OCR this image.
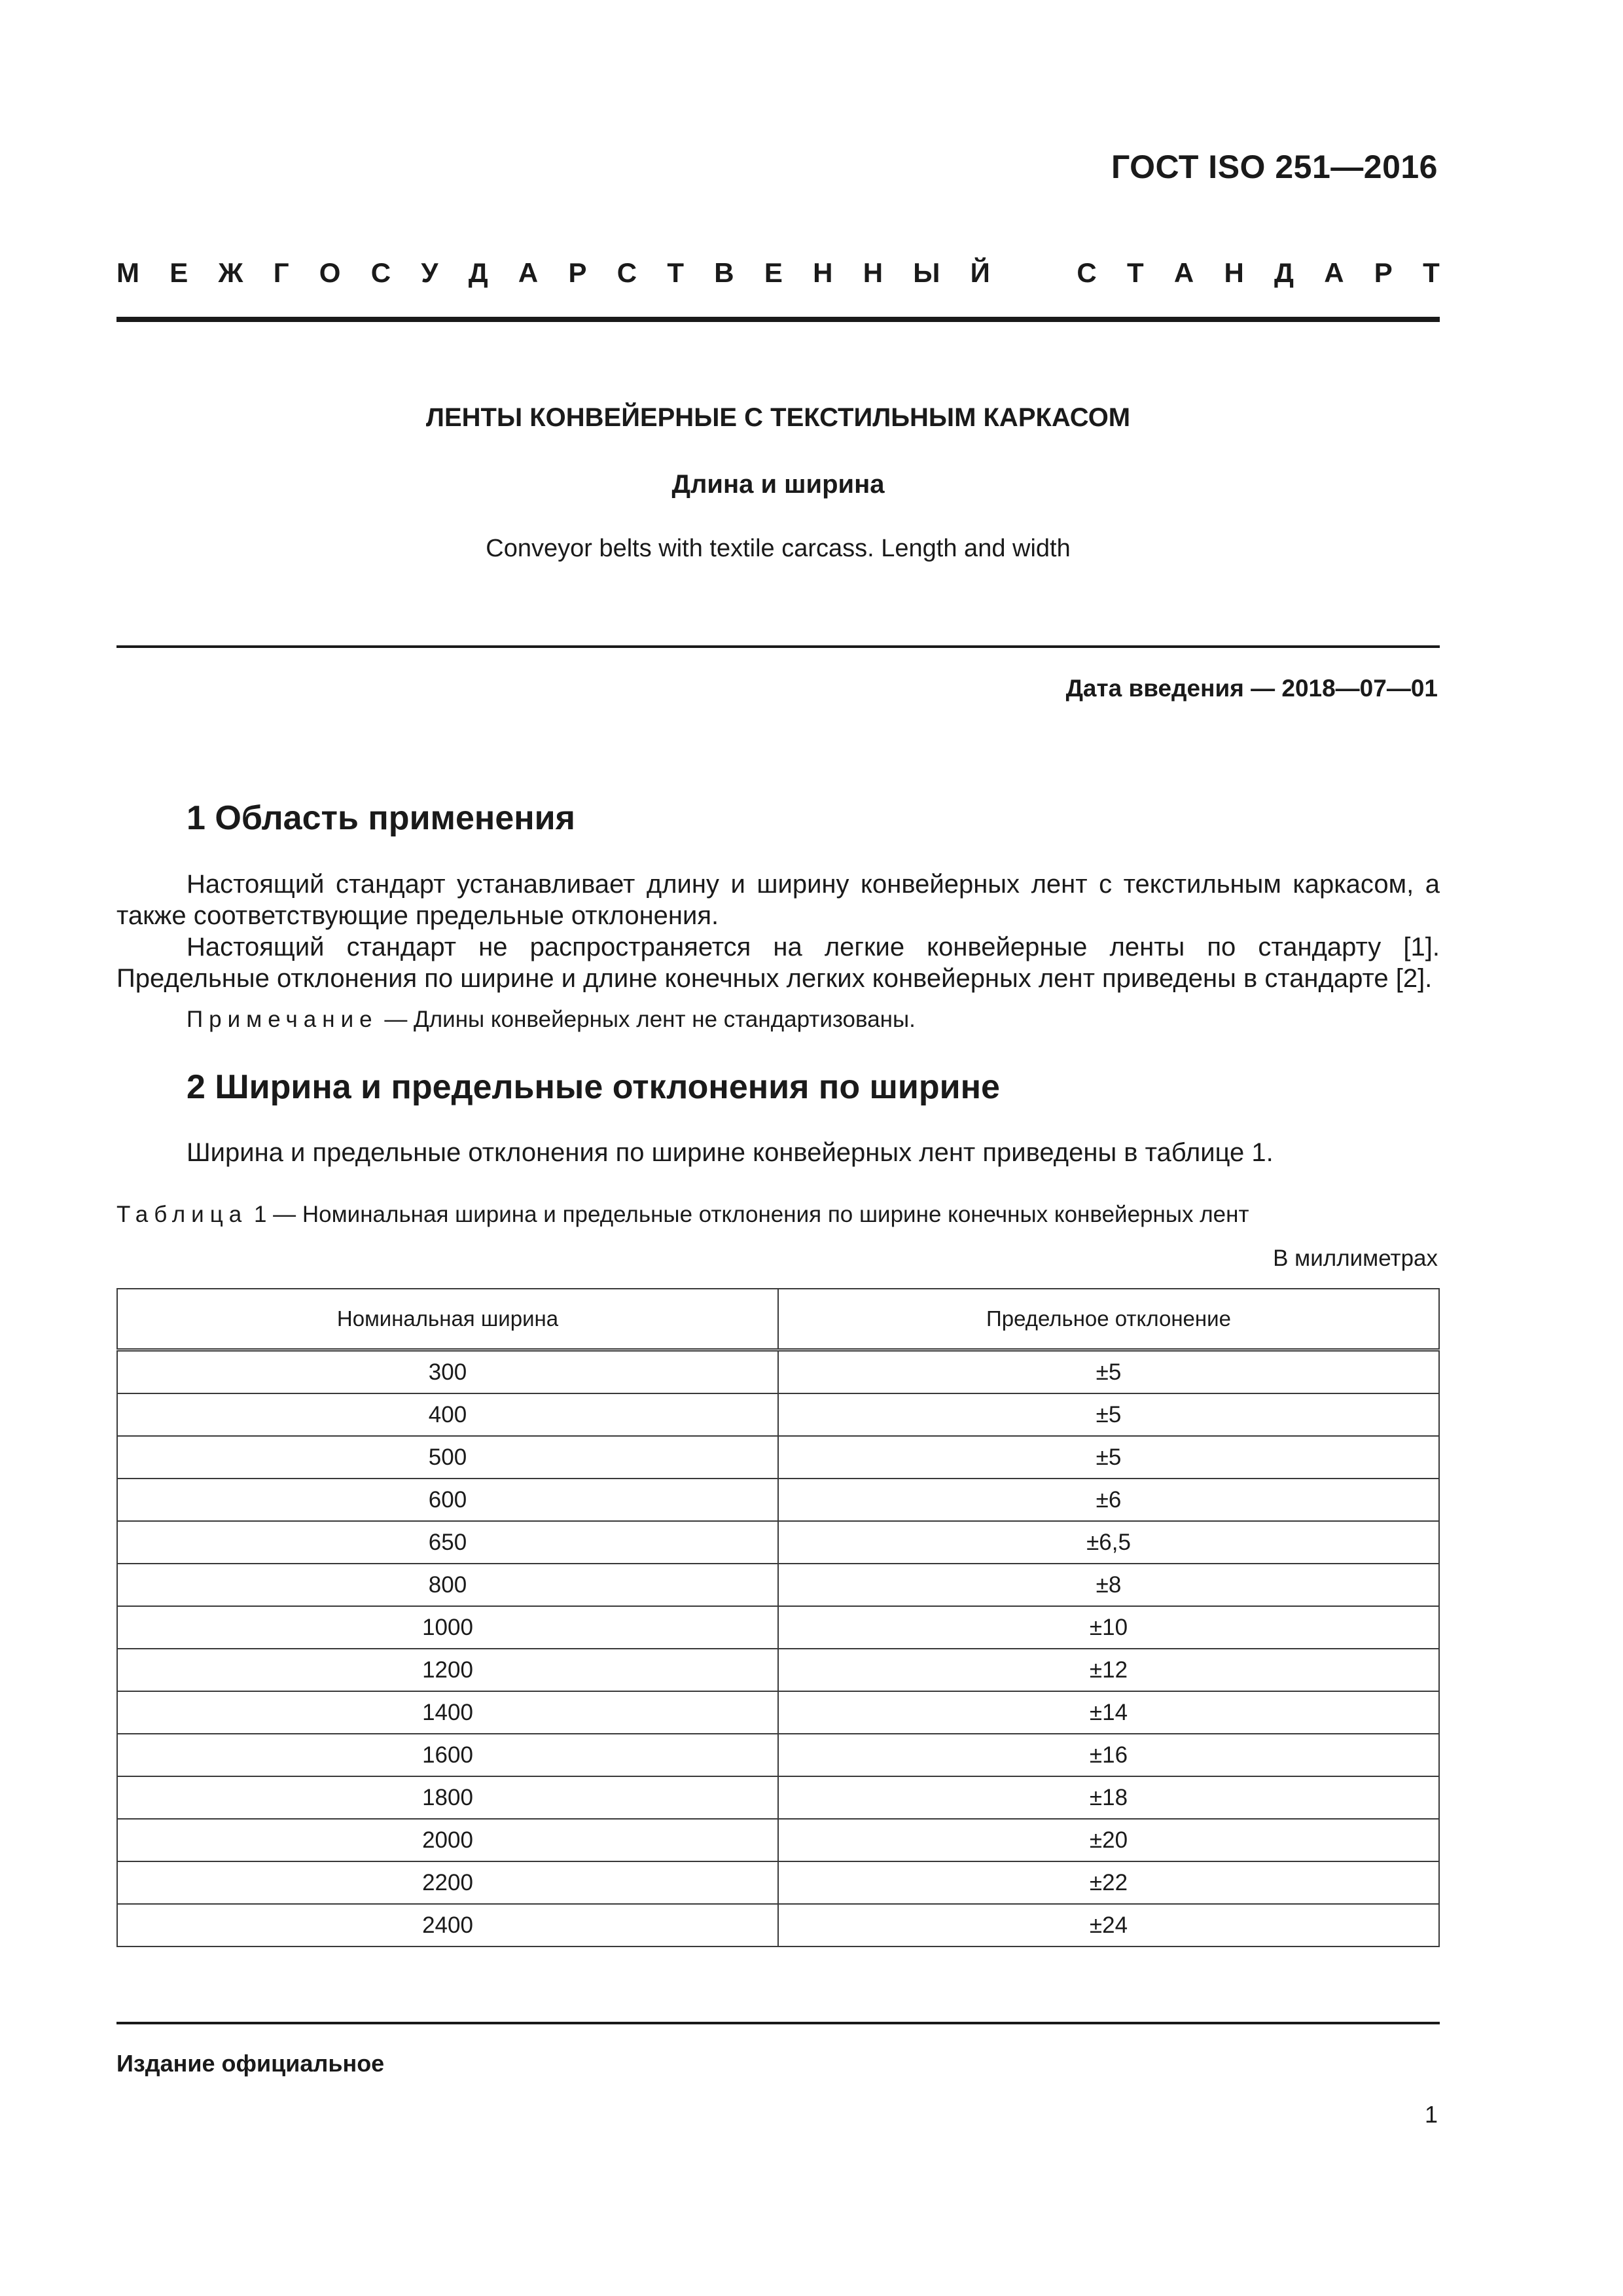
ГОСТ ISO 251—2016
М Е Ж Г О С У Д А Р С Т В Е Н Н Ы Й	С Т А Н Д А Р Т
ЛЕНТЫ КОНВЕЙЕРНЫЕ С ТЕКСТИЛЬНЫМ КАРКАСОМ
Длина и ширина
Conveyor belts with textile carcass. Length and width
Дата введения — 2018—07—01
1 Область применения
Настоящий стандарт устанавливает длину и ширину конвейерных лент с текстильным каркасом, а также соответствующие предельные отклонения.
Настоящий стандарт не распространяется на легкие конвейерные ленты по стандарту [1]. Предельные отклонения по ширине и длине конечных легких конвейерных лент приведены в стандарте [2].
Примечание — Длины конвейерных лент не стандартизованы.
2 Ширина и предельные отклонения по ширине
Ширина и предельные отклонения по ширине конвейерных лент приведены в таблице 1.
Таблица 1 — Номинальная ширина и предельные отклонения по ширине конечных конвейерных лент
В миллиметрах
Номинальная ширина	Предельное отклонение
300	±5
400	±5
500	±5
600	±6
650	±6,5
800	±8
1000	±10
1200	±12
1400	±14
1600	±16
1800	±18
2000	±20
2200	±22
2400	±24
Издание официальное
1
